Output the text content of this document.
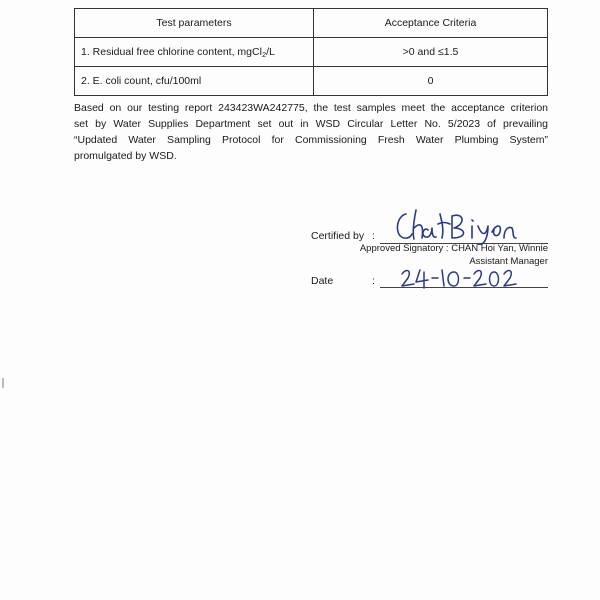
Test parameters	Acceptance Criteria
1. Residual free chlorine content, mgCl$_2$/L	>0 and ≤1.5
2. E. coli count, cfu/100ml	0
Based on our testing report 243423WA242775, the test samples meet the acceptance criterion
set by Water Supplies Department set out in WSD Circular Letter No. 5/2023 of prevailing
“Updated Water Sampling Protocol for Commissioning Fresh Water Plumbing System”
promulgated by WSD.
Certified by :
Approved Signatory : CHAN Hoi Yan, Winnie
Assistant Manager
Date	:
